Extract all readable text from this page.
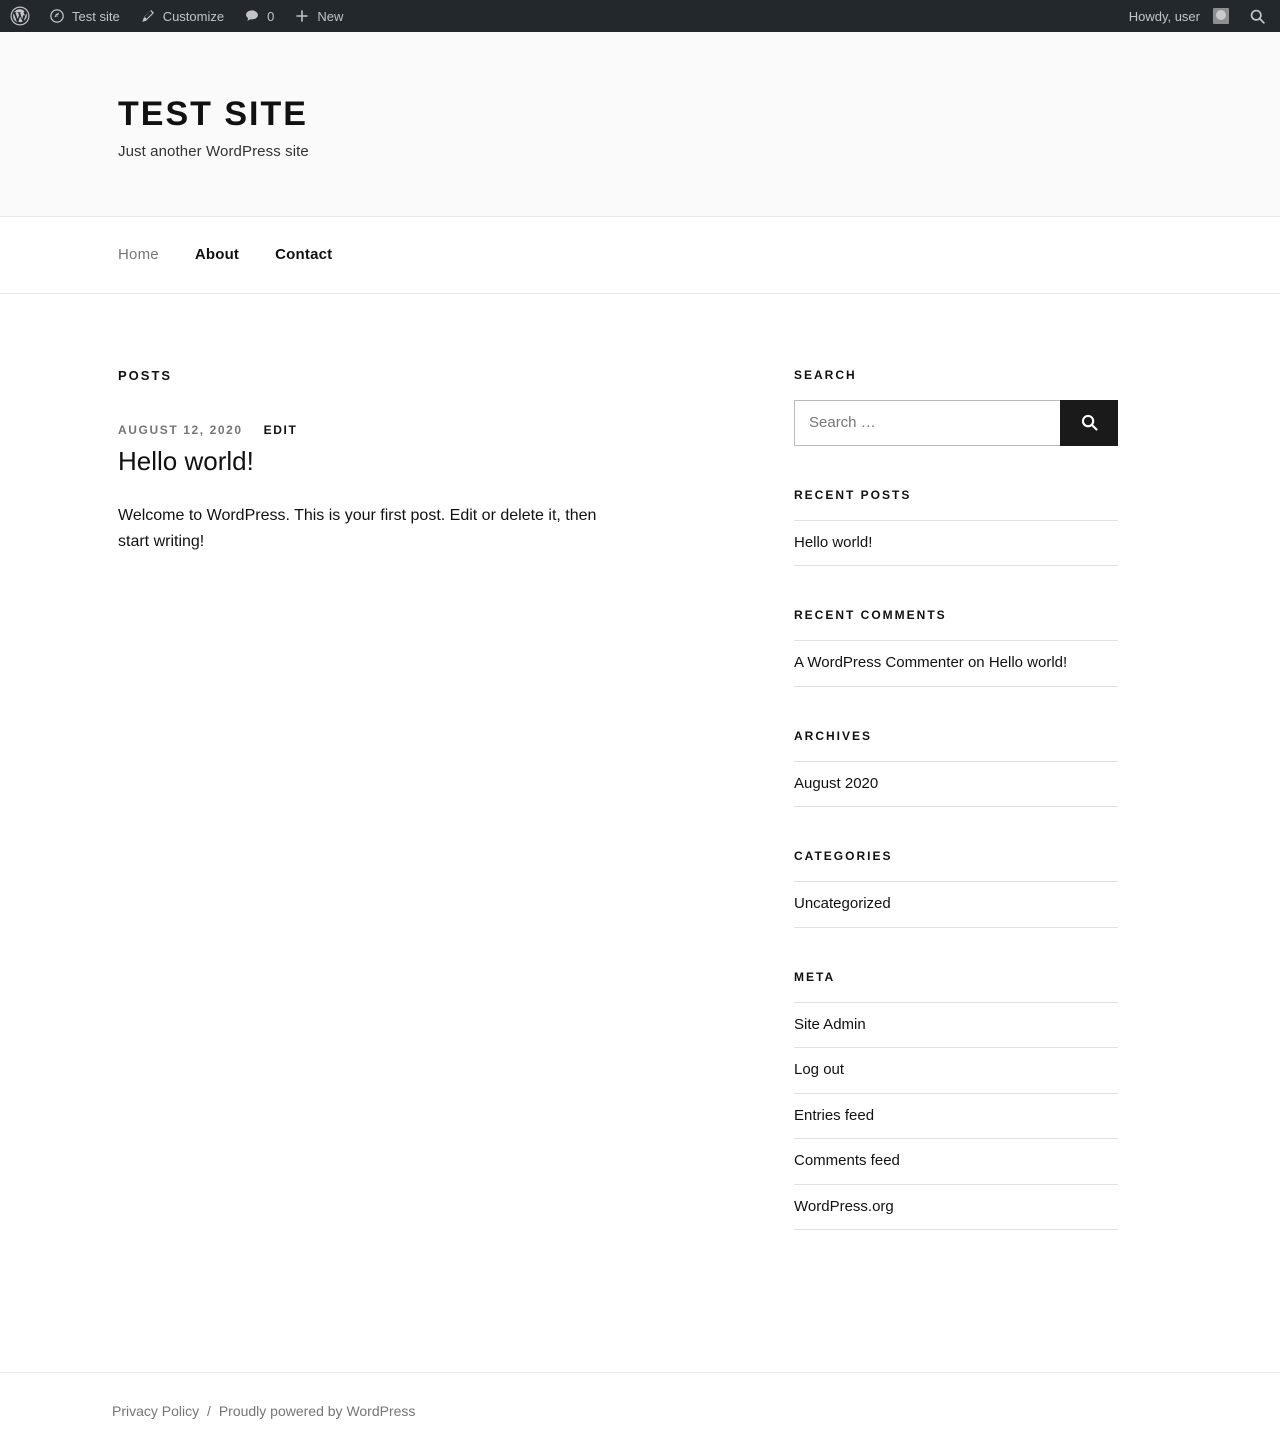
Test site	Customize	0	New	Howdy, user
TEST SITE

Just another WordPress site

Home About Contact
POSTS
AUGUST 12, 2020 EDIT
Hello world!

Welcome to WordPress. This is your first post. Edit or delete it, then start writing!

SEARCH
Search …
RECENT POSTS
Hello world!
RECENT COMMENTS
A WordPress Commenter on Hello world!
ARCHIVES
August 2020
CATEGORIES
Uncategorized
META
Site Admin
Log out
Entries feed
Comments feed
WordPress.org
Privacy Policy / Proudly powered by WordPress
